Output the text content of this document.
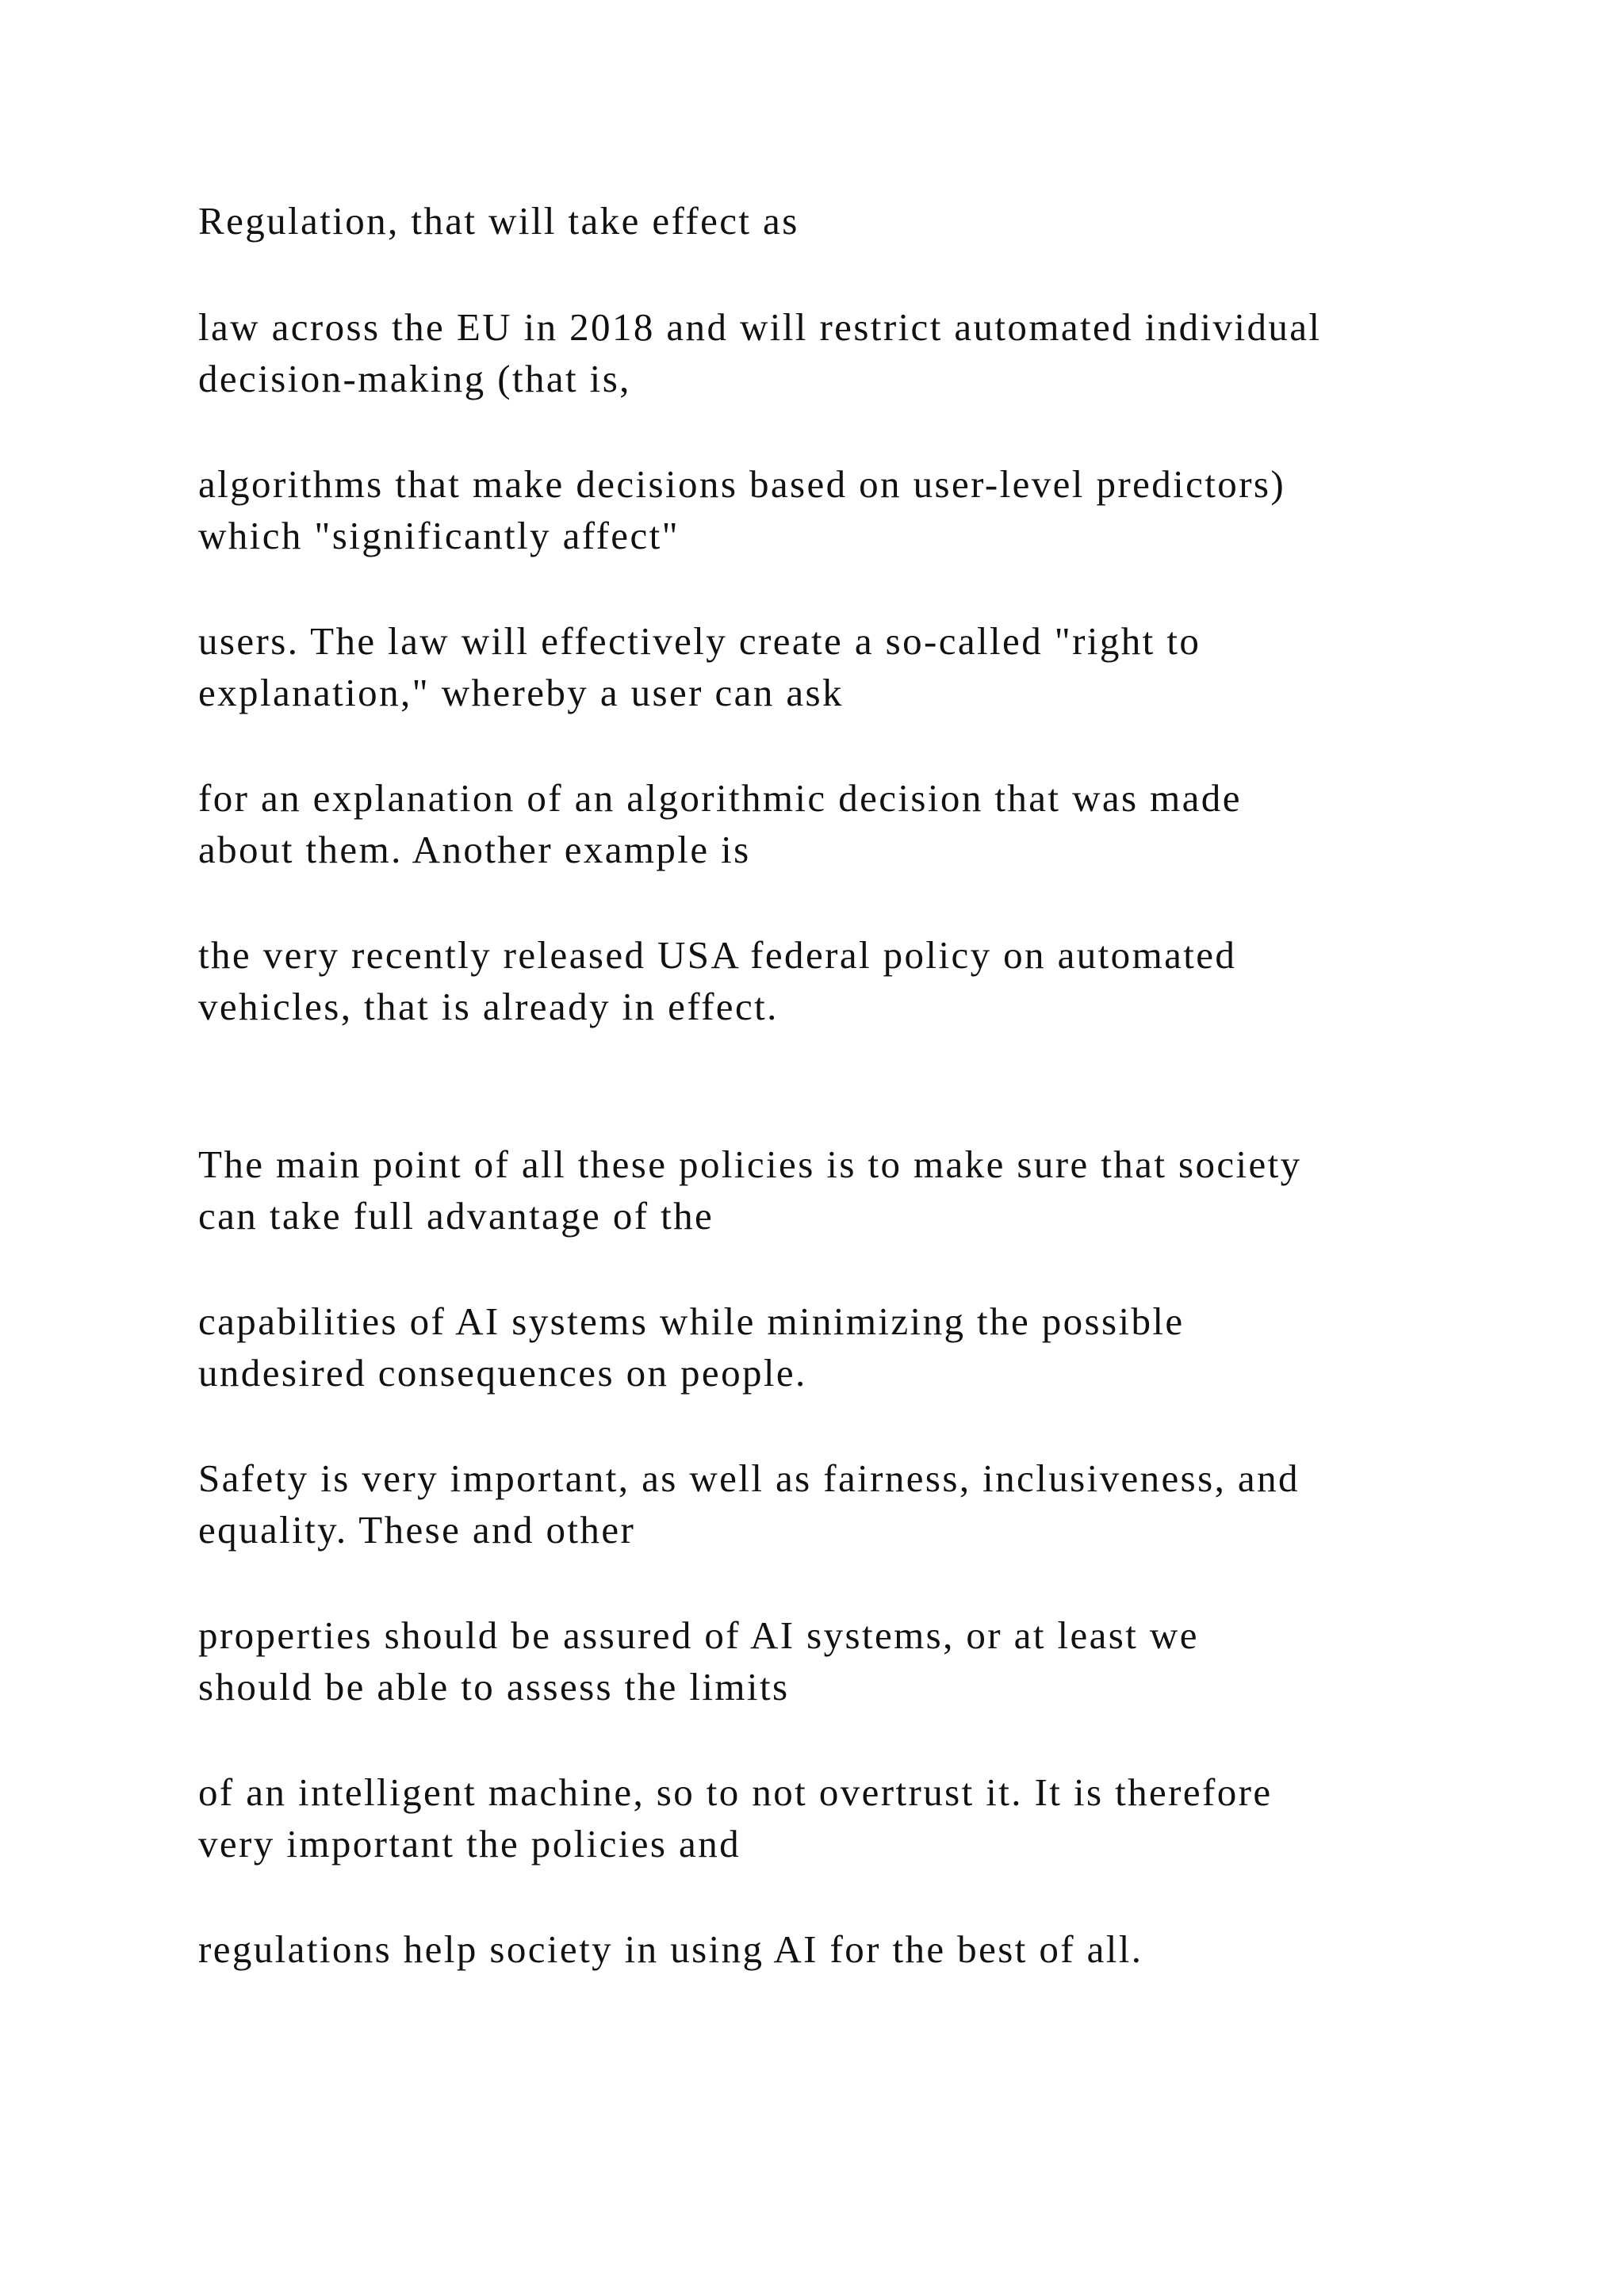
Regulation, that will take effect as

law across the EU in 2018 and will restrict automated individual
decision-making (that is,

algorithms that make decisions based on user-level predictors)
which "significantly affect"

users. The law will effectively create a so-called "right to
explanation," whereby a user can ask

for an explanation of an algorithmic decision that was made
about them. Another example is

the very recently released USA federal policy on automated
vehicles, that is already in effect.

The main point of all these policies is to make sure that society
can take full advantage of the

capabilities of AI systems while minimizing the possible
undesired consequences on people.

Safety is very important, as well as fairness, inclusiveness, and
equality. These and other

properties should be assured of AI systems, or at least we
should be able to assess the limits

of an intelligent machine, so to not overtrust it. It is therefore
very important the policies and

regulations help society in using AI for the best of all.
